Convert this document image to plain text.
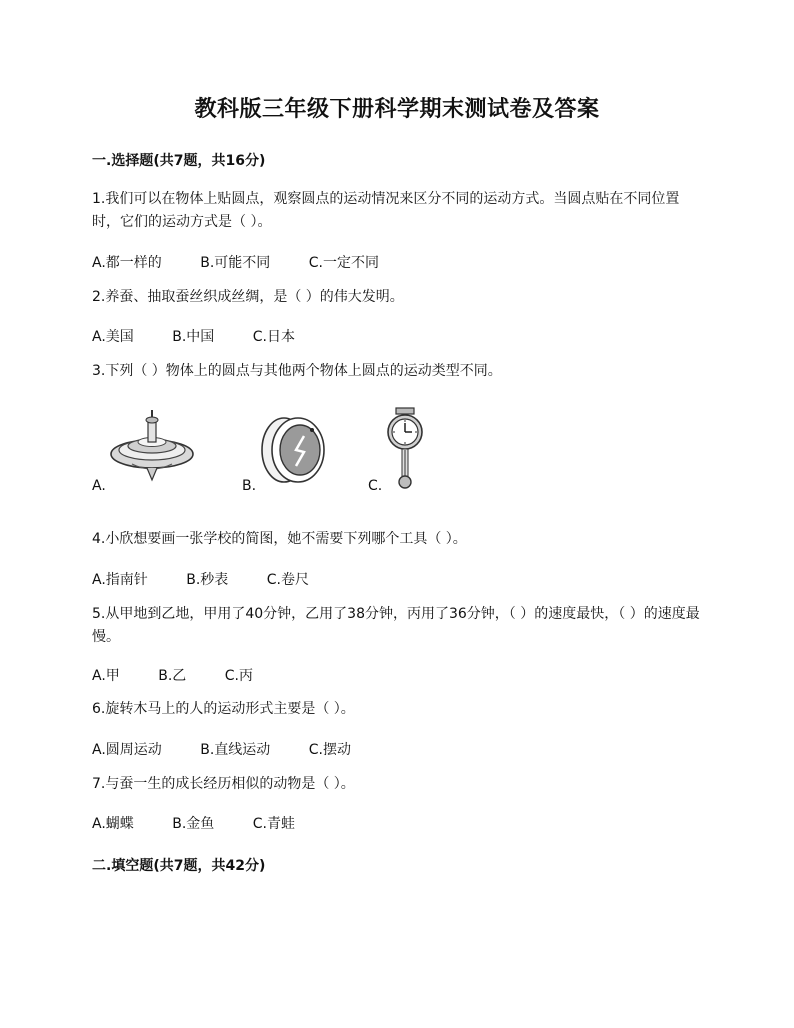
教科版三年级下册科学期末测试卷及答案
一.选择题(共7题，共16分)
1.我们可以在物体上贴圆点，观察圆点的运动情况来区分不同的运动方式。当圆点贴在不同位置时，它们的运动方式是（ ）。
A.都一样的	B.可能不同	C.一定不同
2.养蚕、抽取蚕丝织成丝绸，是（ ）的伟大发明。
A.美国	B.中国	C.日本
3.下列（ ）物体上的圆点与其他两个物体上圆点的运动类型不同。
A.	B.	C.
4.小欣想要画一张学校的简图，她不需要下列哪个工具（ ）。
A.指南针	B.秒表	C.卷尺
5.从甲地到乙地，甲用了40分钟，乙用了38分钟，丙用了36分钟，（ ）的速度最快，（ ）的速度最慢。
A.甲	B.乙	C.丙
6.旋转木马上的人的运动形式主要是（ ）。
A.圆周运动	B.直线运动	C.摆动
7.与蚕一生的成长经历相似的动物是（ ）。
A.蝴蝶	B.金鱼	C.青蛙
二.填空题(共7题，共42分)
